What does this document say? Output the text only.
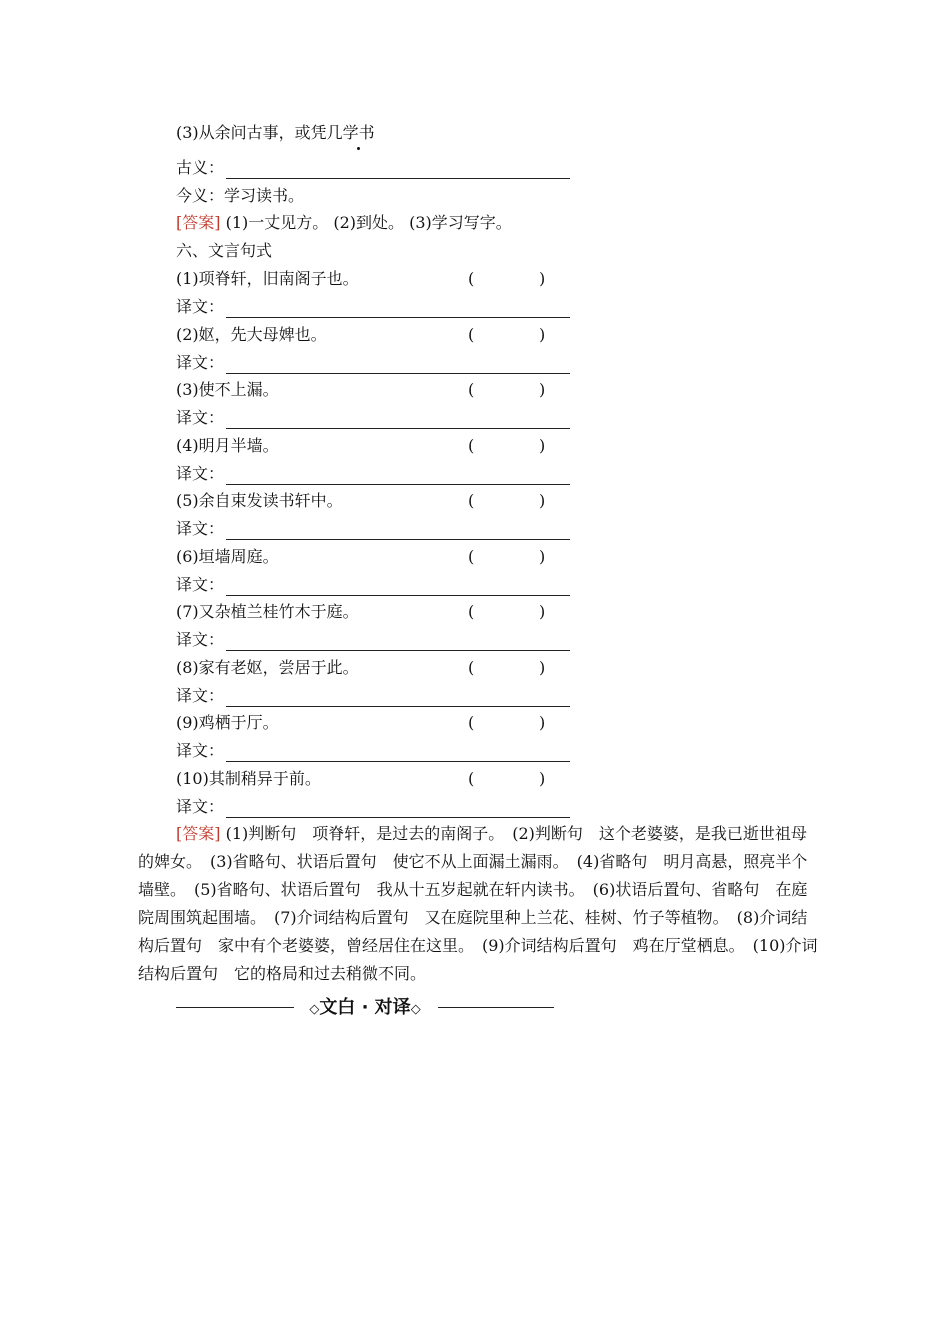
(3)从余问古事，或凭几学书
古义：
今义：学习读书。
[答案] (1)一丈见方。 (2)到处。 (3)学习写字。
六、文言句式
(1)项脊轩，旧南阁子也。	(	)
译文：
(2)妪，先大母婢也。	(	)
译文：
(3)使不上漏。	(	)
译文：
(4)明月半墙。	(	)
译文：
(5)余自束发读书轩中。	(	)
译文：
(6)垣墙周庭。	(	)
译文：
(7)又杂植兰桂竹木于庭。	(	)
译文：
(8)家有老妪，尝居于此。	(	)
译文：
(9)鸡栖于厅。	(	)
译文：
(10)其制稍异于前。	(	)
译文：
[答案] (1)判断句　项脊轩，是过去的南阁子。　(2)判断句　这个老婆婆，是我已逝世祖母的婢女。　(3)省略句、状语后置句　使它不从上面漏土漏雨。　(4)省略句　明月高悬，照亮半个墙壁。　(5)省略句、状语后置句　我从十五岁起就在轩内读书。　(6)状语后置句、省略句　在庭院周围筑起围墙。　(7)介词结构后置句　又在庭院里种上兰花、桂树、竹子等植物。　(8)介词结构后置句　家中有个老婆婆，曾经居住在这里。　(9)介词结构后置句　鸡在厅堂栖息。　(10)介词结构后置句　它的格局和过去稍微不同。
◇文白 · 对译◇
